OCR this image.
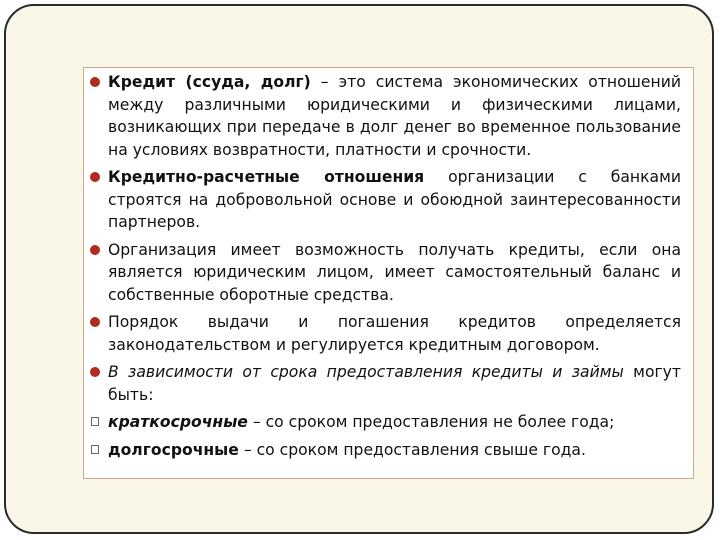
Кредит (ссуда, долг) – это система экономических отношений между различными юридическими и физическими лицами, возникающих при передаче в долг денег во временное пользование на условиях возвратности, платности и срочности.

Кредитно-расчетные отношения организации с банками строятся на добровольной основе и обоюдной заинтересованности партнеров.

Организация имеет возможность получать кредиты, если она является юридическим лицом, имеет самостоятельный баланс и собственные оборотные средства.

Порядок выдачи и погашения кредитов определяется законодательством и регулируется кредитным договором.

В зависимости от срока предоставления кредиты и займы могут быть:

краткосрочные – со сроком предоставления не более года;

долгосрочные – со сроком предоставления свыше года.
